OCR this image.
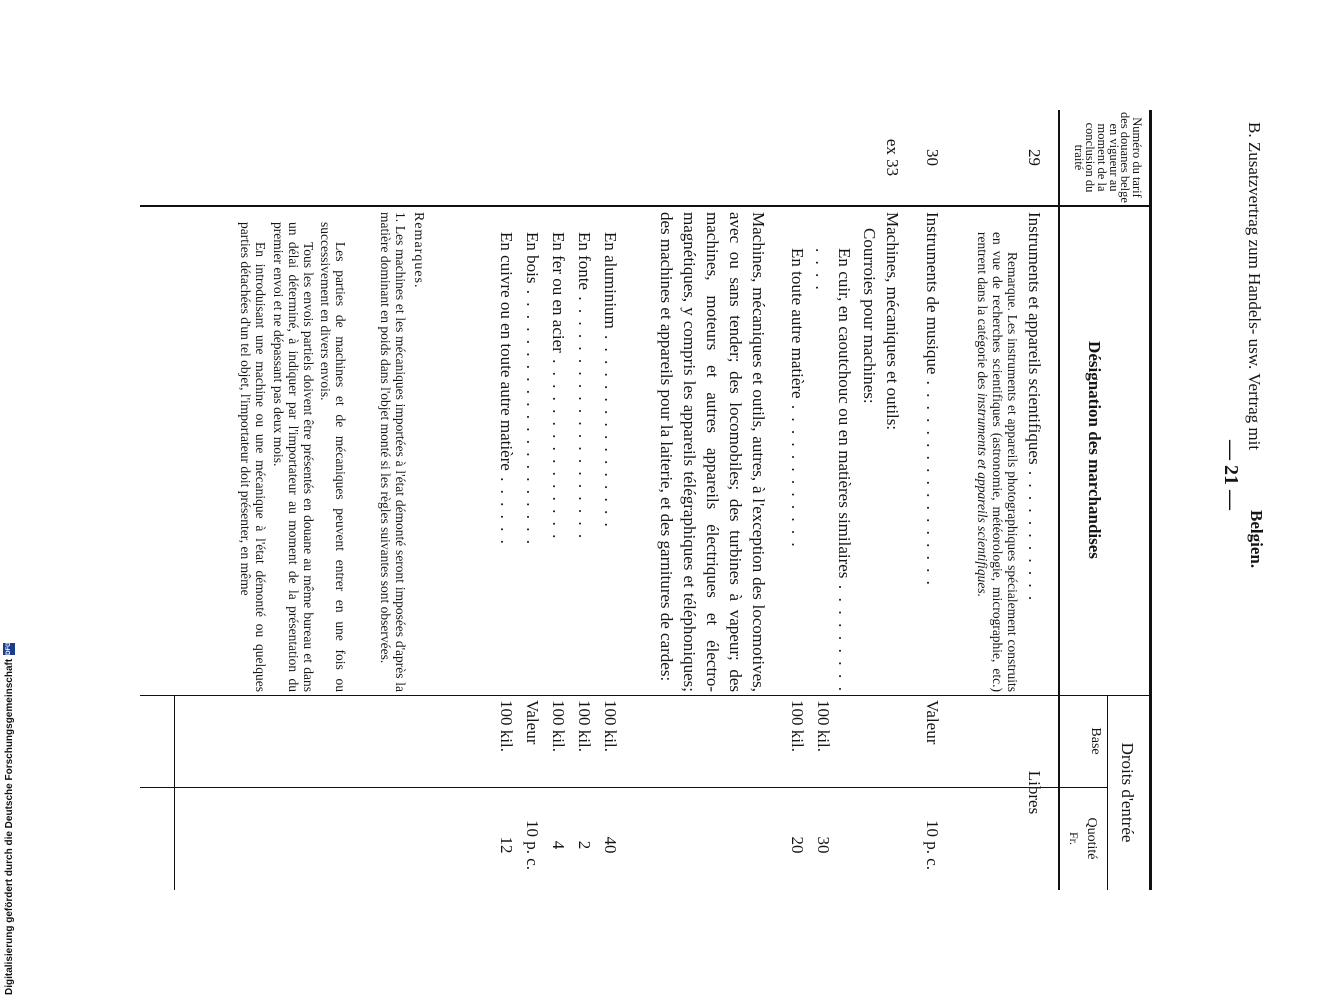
B. Zusatzvertrag zum Handels- usw. Vertrag mit
Belgien.
— 21 —
Numéro du tarif des douanes belge en vigueur au moment de la conclusion du traité
Désignation des marchandises
Droits d'entrée
Base
Quotité
Fr.
29
Instruments et appareils scientifiques . . . . . . . . . . .
Libres
Remarque. Les instruments et appareils photographiques spécialement construits en vue de recherches scientifiques (astronomie, météorologie, micrographie, etc.) rentrent dans la catégorie des instruments et appareils scientifiques.
30
Instruments de musique . . . . . . . . . . . . . . . . .
Valeur
10 p. c.
ex 33
Machines, mécaniques et outils:
Courroies pour machines:
En cuir, en caoutchouc ou en matières similaires . . . . . . . . . . . . .
100 kil.
30
En toute autre matière . . . . . . . . . . . .
100 kil.
20
Machines, mécaniques et outils, autres, à l'exception des locomotives, avec ou sans tender; des locomobiles; des turbines à vapeur; des machines, moteurs et autres appareils électriques et électro-magnétiques, y compris les appareils télégraphiques et téléphoniques; des machines et appareils pour la laiterie, et des garnitures de cardes:
En aluminium . . . . . . . . . . . . . . . .
100 kil.
40
En fonte . . . . . . . . . . . . . . . . . . . .
100 kil.
2
En fer ou en acier . . . . . . . . . . . . . . .
100 kil.
4
En bois . . . . . . . . . . . . . . . . . . . . .
Valeur
10 p. c.
En cuivre ou en toute autre matière . . . . . .
100 kil.
12
Remarques.
1. Les machines et les mécaniques importées à l'état démonté seront imposées d'après la matière dominant en poids dans l'objet monté si les règles suivantes sont observées.
Les parties de machines et de mécaniques peuvent entrer en une fois ou successivement en divers envois.
Tous les envois partiels doivent être présentés en douane au même bureau et dans un délai déterminé, à indiquer par l'importateur au moment de la présentation du premier envoi et ne dépassant pas deux mois.
En introduisant une machine ou une mécanique à l'état démonté ou quelques parties détachées d'un tel objet, l'importateur doit présenter, en même
Digitalisierung gefördert durch die Deutsche Forschungsgemeinschaft
DFG
